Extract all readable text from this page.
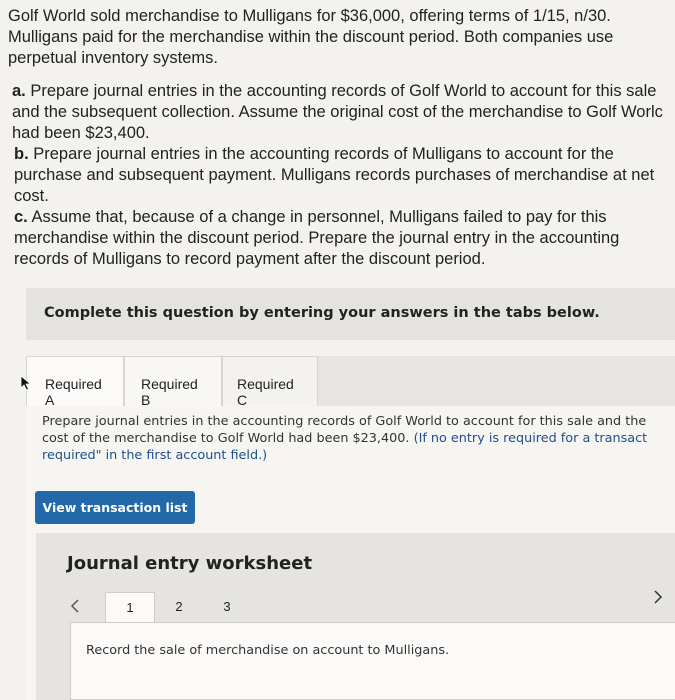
Golf World sold merchandise to Mulligans for $36,000, offering terms of 1/15, n/30.
Mulligans paid for the merchandise within the discount period. Both companies use
perpetual inventory systems.

a. Prepare journal entries in the accounting records of Golf World to account for this sale
and the subsequent collection. Assume the original cost of the merchandise to Golf Worlc
had been $23,400.

b. Prepare journal entries in the accounting records of Mulligans to account for the
purchase and subsequent payment. Mulligans records purchases of merchandise at net
cost.

c. Assume that, because of a change in personnel, Mulligans failed to pay for this
merchandise within the discount period. Prepare the journal entry in the accounting
records of Mulligans to record payment after the discount period.

Complete this question by entering your answers in the tabs below.
Required A
Required B
Required C
Prepare journal entries in the accounting records of Golf World to account for this sale and the
cost of the merchandise to Golf World had been $23,400. (If no entry is required for a transact
required" in the first account field.)
View transaction list
Journal entry worksheet
1	2	3
Record the sale of merchandise on account to Mulligans.
